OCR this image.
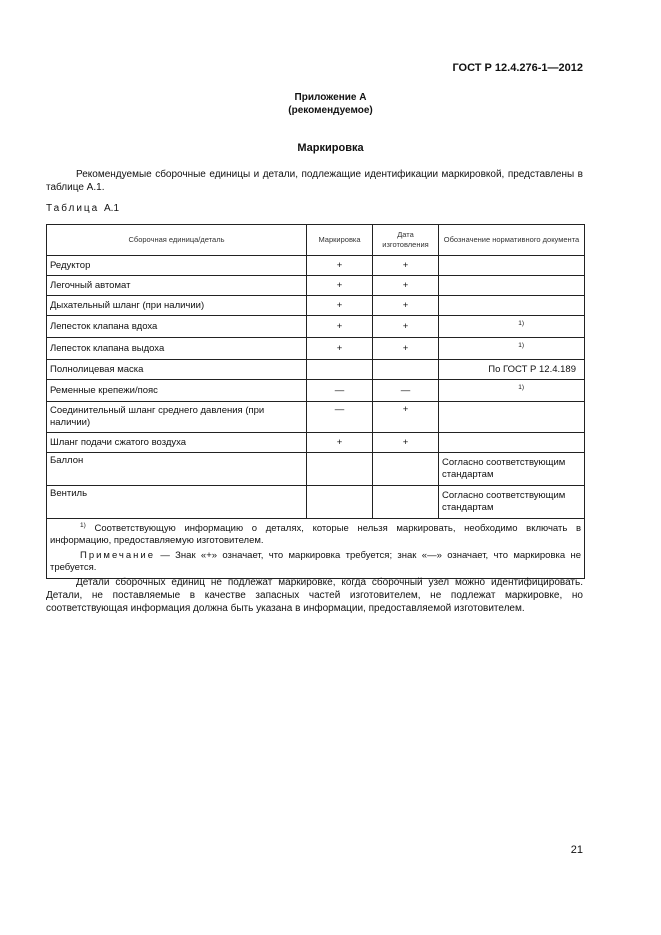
ГОСТ Р 12.4.276-1—2012
Приложение А
(рекомендуемое)
Маркировка
Рекомендуемые сборочные единицы и детали, подлежащие идентификации маркировкой, представлены в таблице А.1.
Таблица А.1
Сборочная единица/деталь	Маркировка	Дата изготовления	Обозначение нормативного документа
Редуктор	+	+	
Легочный автомат	+	+	
Дыхательный шланг (при наличии)	+	+	
Лепесток клапана вдоха	+	+	1)
Лепесток клапана выдоха	+	+	1)
Полнолицевая маска			По ГОСТ Р 12.4.189
Ременные крепежи/пояс	—	—	1)
Соединительный шланг среднего давления (при наличии)	—	+	
Шланг подачи сжатого воздуха	+	+	
Баллон			Согласно соответствующим стандартам
Вентиль			Согласно соответствующим стандартам

$^{1)}$ Соответствующую информацию о деталях, которые нельзя маркировать, необходимо включать в информацию, предоставляемую изготовителем.
Примечание — Знак «+» означает, что маркировка требуется; знак «—» означает, что маркировка не требуется.			
Детали сборочных единиц не подлежат маркировке, когда сборочный узел можно идентифицировать. Детали, не поставляемые в качестве запасных частей изготовителем, не подлежат маркировке, но соответствующая информация должна быть указана в информации, предоставляемой изготовителем.
21
